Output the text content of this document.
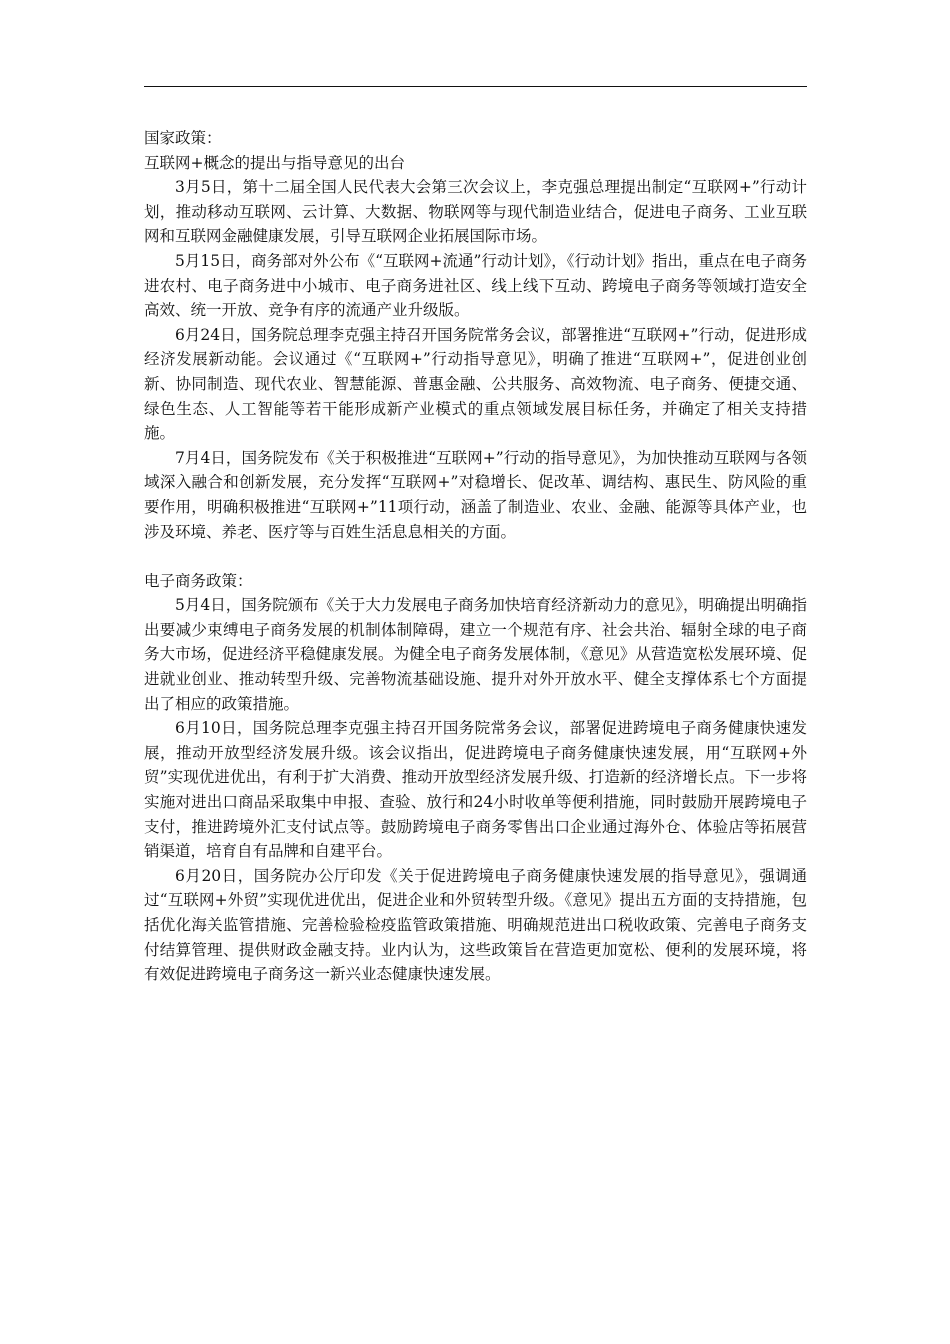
国家政策：

互联网+概念的提出与指导意见的出台

3月5日，第十二届全国人民代表大会第三次会议上，李克强总理提出制定“互联网+”行动计划，推动移动互联网、云计算、大数据、物联网等与现代制造业结合，促进电子商务、工业互联网和互联网金融健康发展，引导互联网企业拓展国际市场。

5月15日，商务部对外公布《“互联网+流通”行动计划》，《行动计划》指出，重点在电子商务进农村、电子商务进中小城市、电子商务进社区、线上线下互动、跨境电子商务等领域打造安全高效、统一开放、竞争有序的流通产业升级版。

6月24日，国务院总理李克强主持召开国务院常务会议，部署推进“互联网+”行动，促进形成经济发展新动能。会议通过《“互联网+”行动指导意见》，明确了推进“互联网+”，促进创业创新、协同制造、现代农业、智慧能源、普惠金融、公共服务、高效物流、电子商务、便捷交通、绿色生态、人工智能等若干能形成新产业模式的重点领域发展目标任务，并确定了相关支持措施。

7月4日，国务院发布《关于积极推进“互联网+”行动的指导意见》，为加快推动互联网与各领域深入融合和创新发展，充分发挥“互联网+”对稳增长、促改革、调结构、惠民生、防风险的重要作用，明确积极推进“互联网+”11项行动，涵盖了制造业、农业、金融、能源等具体产业，也涉及环境、养老、医疗等与百姓生活息息相关的方面。

电子商务政策：

5月4日，国务院颁布《关于大力发展电子商务加快培育经济新动力的意见》，明确提出明确指出要减少束缚电子商务发展的机制体制障碍，建立一个规范有序、社会共治、辐射全球的电子商务大市场，促进经济平稳健康发展。为健全电子商务发展体制，《意见》从营造宽松发展环境、促进就业创业、推动转型升级、完善物流基础设施、提升对外开放水平、健全支撑体系七个方面提出了相应的政策措施。

6月10日，国务院总理李克强主持召开国务院常务会议，部署促进跨境电子商务健康快速发展，推动开放型经济发展升级。该会议指出，促进跨境电子商务健康快速发展，用“互联网+外贸”实现优进优出，有利于扩大消费、推动开放型经济发展升级、打造新的经济增长点。下一步将实施对进出口商品采取集中申报、查验、放行和24小时收单等便利措施，同时鼓励开展跨境电子支付，推进跨境外汇支付试点等。鼓励跨境电子商务零售出口企业通过海外仓、体验店等拓展营销渠道，培育自有品牌和自建平台。

6月20日，国务院办公厅印发《关于促进跨境电子商务健康快速发展的指导意见》，强调通过“互联网+外贸”实现优进优出，促进企业和外贸转型升级。《意见》提出五方面的支持措施，包括优化海关监管措施、完善检验检疫监管政策措施、明确规范进出口税收政策、完善电子商务支付结算管理、提供财政金融支持。业内认为，这些政策旨在营造更加宽松、便利的发展环境，将有效促进跨境电子商务这一新兴业态健康快速发展。
